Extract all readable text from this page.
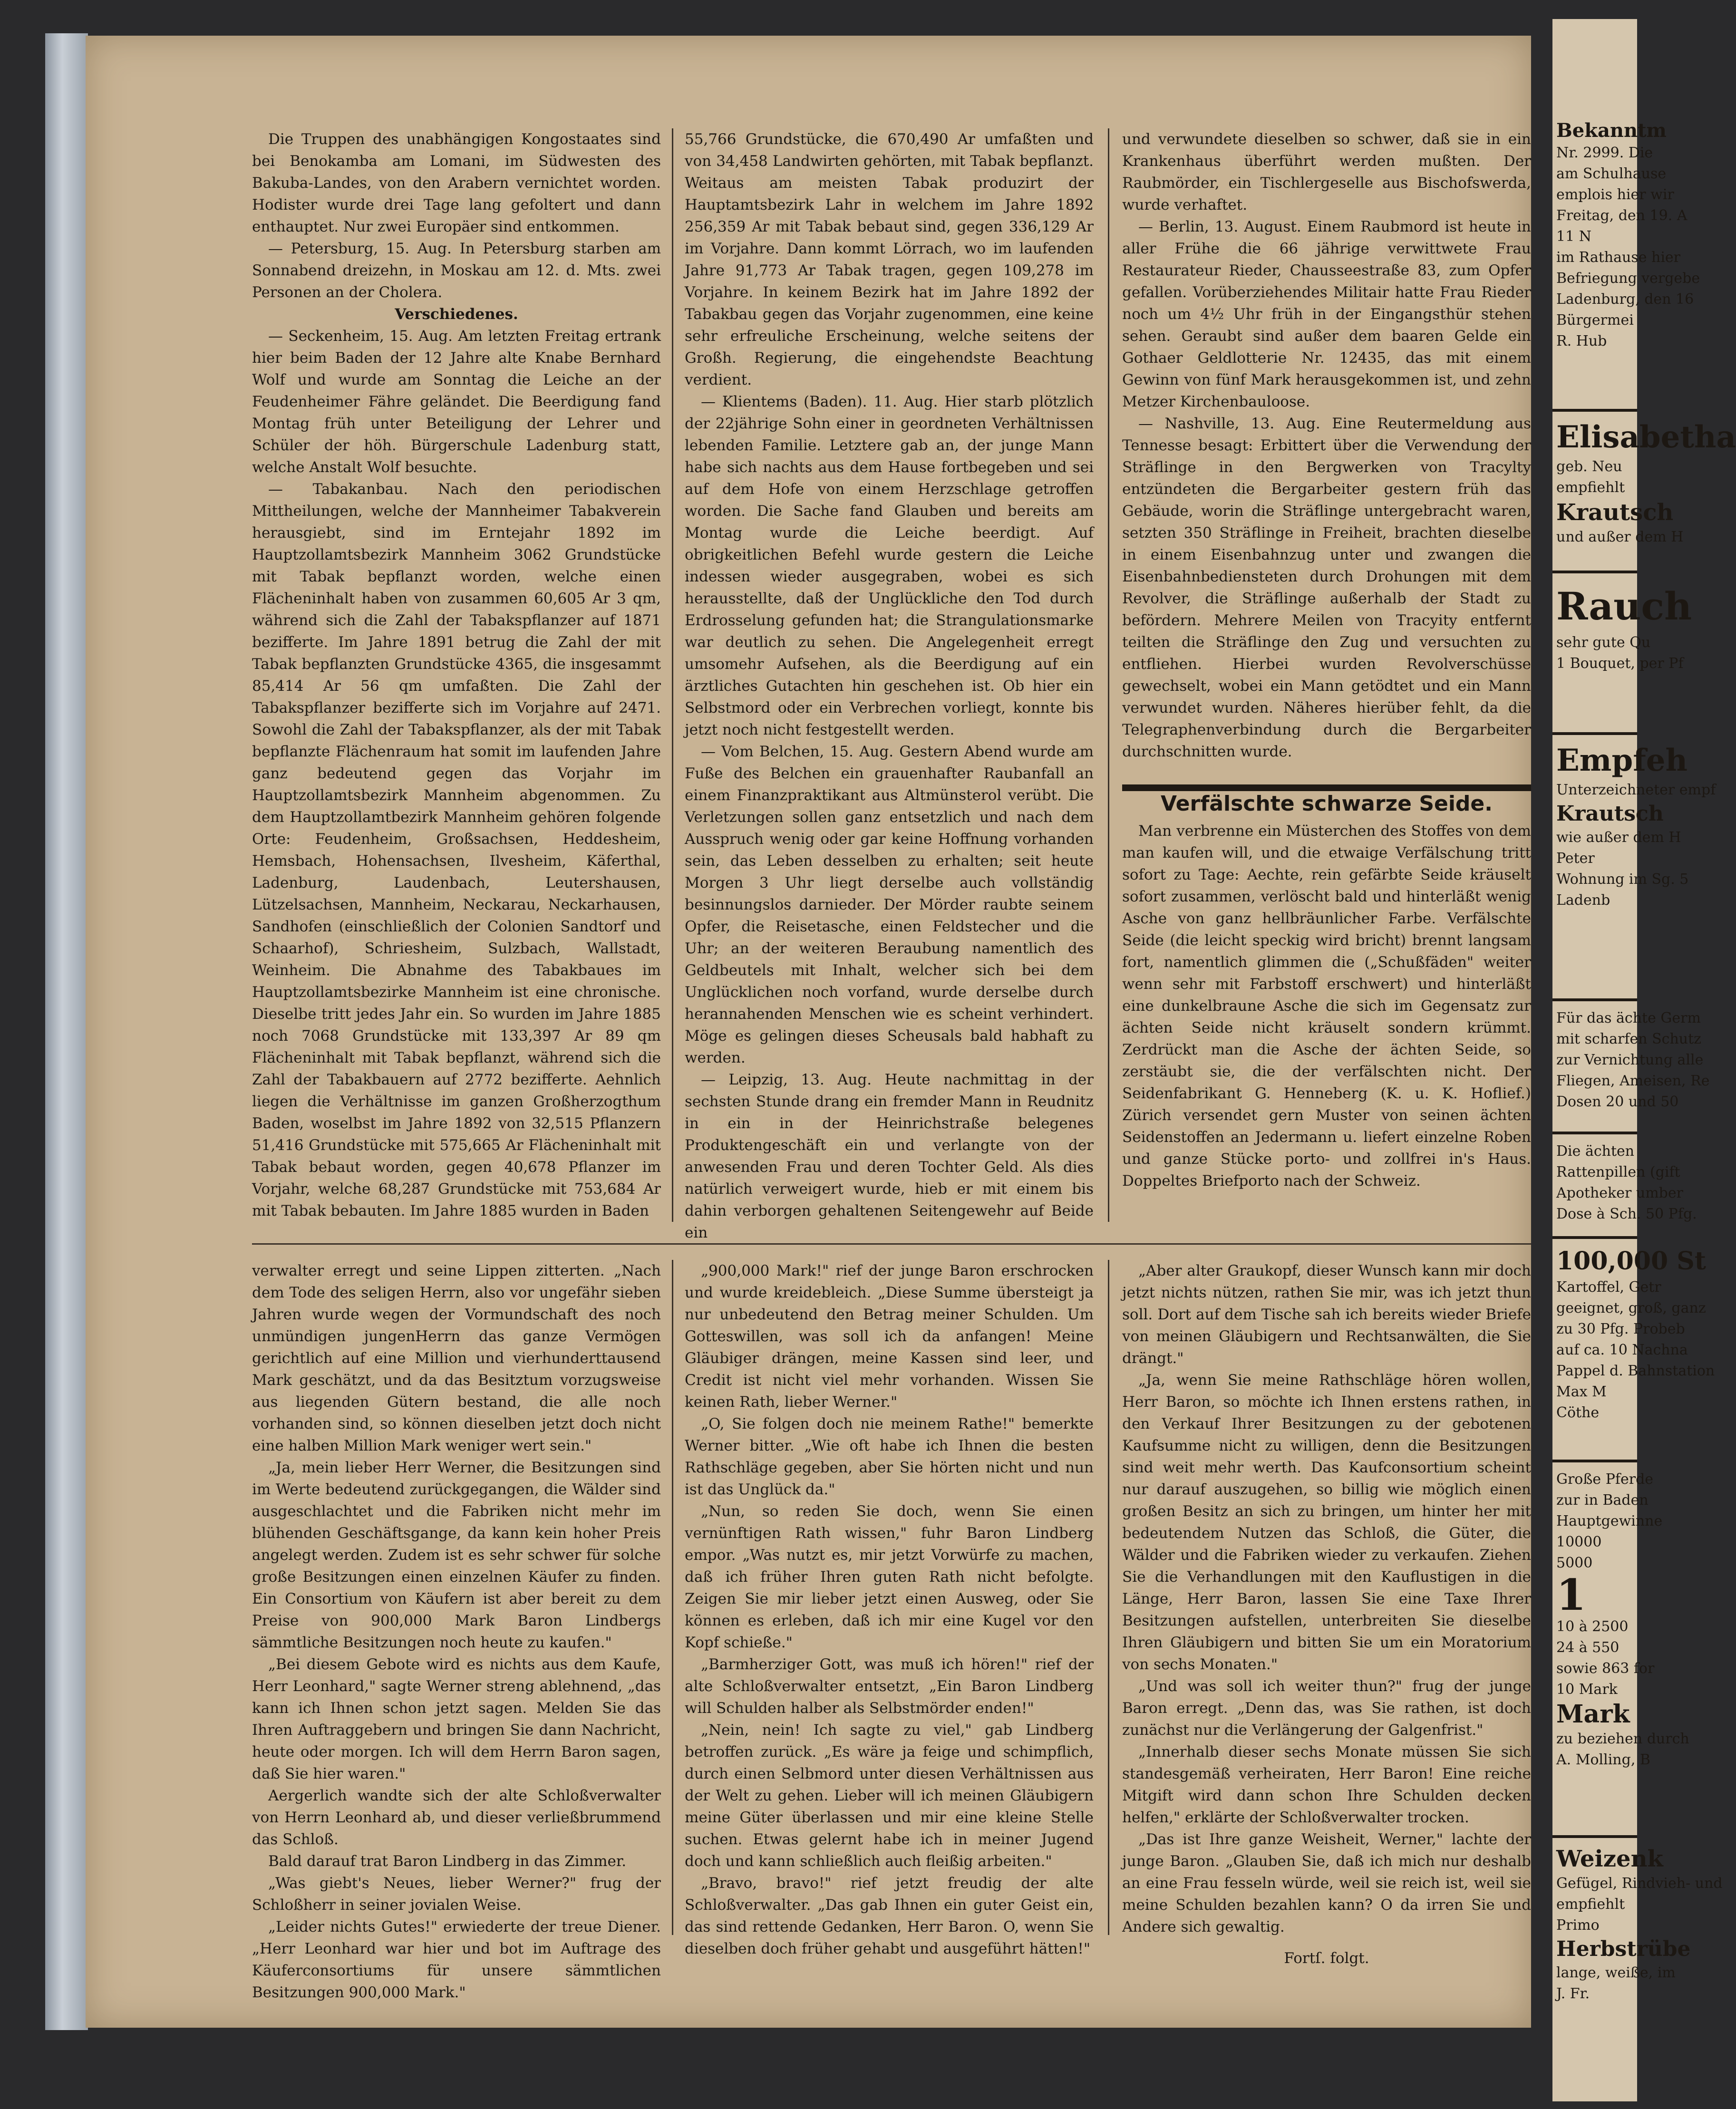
Die Truppen des unabhängigen Kongostaates sind bei Benokamba am Lomani, im Südwesten des Bakuba-Landes, von den Arabern vernichtet worden. Hodister wurde drei Tage lang gefoltert und dann enthauptet. Nur zwei Europäer sind entkommen.

— Petersburg, 15. Aug. In Petersburg starben am Sonnabend dreizehn, in Moskau am 12. d. Mts. zwei Personen an der Cholera.

Verschiedenes.

— Seckenheim, 15. Aug. Am letzten Freitag ertrank hier beim Baden der 12 Jahre alte Knabe Bernhard Wolf und wurde am Sonntag die Leiche an der Feudenheimer Fähre geländet. Die Beerdigung fand Montag früh unter Beteiligung der Lehrer und Schüler der höh. Bürgerschule Ladenburg statt, welche Anstalt Wolf besuchte.

— Tabakanbau. Nach den periodischen Mittheilungen, welche der Mannheimer Tabakverein herausgiebt, sind im Erntejahr 1892 im Hauptzollamtsbezirk Mannheim 3062 Grundstücke mit Tabak bepflanzt worden, welche einen Flächeninhalt haben von zusammen 60,605 Ar 3 qm, während sich die Zahl der Tabakspflanzer auf 1871 bezifferte. Im Jahre 1891 betrug die Zahl der mit Tabak bepflanzten Grundstücke 4365, die insgesammt 85,414 Ar 56 qm umfaßten. Die Zahl der Tabakspflanzer bezifferte sich im Vorjahre auf 2471. Sowohl die Zahl der Tabakspflanzer, als der mit Tabak bepflanzte Flächenraum hat somit im laufenden Jahre ganz bedeutend gegen das Vorjahr im Hauptzollamtsbezirk Mannheim abgenommen. Zu dem Hauptzollamtbezirk Mannheim gehören folgende Orte: Feudenheim, Großsachsen, Heddesheim, Hemsbach, Hohensachsen, Ilvesheim, Käferthal, Ladenburg, Laudenbach, Leutershausen, Lützelsachsen, Mannheim, Neckarau, Neckarhausen, Sandhofen (einschließlich der Colonien Sandtorf und Schaarhof), Schriesheim, Sulzbach, Wallstadt, Weinheim. Die Abnahme des Tabakbaues im Hauptzollamtsbezirke Mannheim ist eine chronische. Dieselbe tritt jedes Jahr ein. So wurden im Jahre 1885 noch 7068 Grundstücke mit 133,397 Ar 89 qm Flächeninhalt mit Tabak bepflanzt, während sich die Zahl der Tabakbauern auf 2772 bezifferte. Aehnlich liegen die Verhältnisse im ganzen Großherzogthum Baden, woselbst im Jahre 1892 von 32,515 Pflanzern 51,416 Grundstücke mit 575,665 Ar Flächeninhalt mit Tabak bebaut worden, gegen 40,678 Pflanzer im Vorjahr, welche 68,287 Grundstücke mit 753,684 Ar mit Tabak bebauten. Im Jahre 1885 wurden in Baden

55,766 Grundstücke, die 670,490 Ar umfaßten und von 34,458 Landwirten gehörten, mit Tabak bepflanzt. Weitaus am meisten Tabak produzirt der Hauptamtsbezirk Lahr in welchem im Jahre 1892 256,359 Ar mit Tabak bebaut sind, gegen 336,129 Ar im Vorjahre. Dann kommt Lörrach, wo im laufenden Jahre 91,773 Ar Tabak tragen, gegen 109,278 im Vorjahre. In keinem Bezirk hat im Jahre 1892 der Tabakbau gegen das Vorjahr zugenommen, eine keine sehr erfreuliche Erscheinung, welche seitens der Großh. Regierung, die eingehendste Beachtung verdient.

— Klientems (Baden). 11. Aug. Hier starb plötzlich der 22jährige Sohn einer in geordneten Verhältnissen lebenden Familie. Letztere gab an, der junge Mann habe sich nachts aus dem Hause fortbegeben und sei auf dem Hofe von einem Herzschlage getroffen worden. Die Sache fand Glauben und bereits am Montag wurde die Leiche beerdigt. Auf obrigkeitlichen Befehl wurde gestern die Leiche indessen wieder ausgegraben, wobei es sich herausstellte, daß der Unglückliche den Tod durch Erdrosselung gefunden hat; die Strangulationsmarke war deutlich zu sehen. Die Angelegenheit erregt umsomehr Aufsehen, als die Beerdigung auf ein ärztliches Gutachten hin geschehen ist. Ob hier ein Selbstmord oder ein Verbrechen vorliegt, konnte bis jetzt noch nicht festgestellt werden.

— Vom Belchen, 15. Aug. Gestern Abend wurde am Fuße des Belchen ein grauenhafter Raubanfall an einem Finanzpraktikant aus Altmünsterol verübt. Die Verletzungen sollen ganz entsetzlich und nach dem Ausspruch wenig oder gar keine Hoffnung vorhanden sein, das Leben desselben zu erhalten; seit heute Morgen 3 Uhr liegt derselbe auch vollständig besinnungslos darnieder. Der Mörder raubte seinem Opfer, die Reisetasche, einen Feldstecher und die Uhr; an der weiteren Beraubung namentlich des Geldbeutels mit Inhalt, welcher sich bei dem Unglücklichen noch vorfand, wurde derselbe durch herannahenden Menschen wie es scheint verhindert. Möge es gelingen dieses Scheusals bald habhaft zu werden.

— Leipzig, 13. Aug. Heute nachmittag in der sechsten Stunde drang ein fremder Mann in Reudnitz in ein in der Heinrichstraße belegenes Produktengeschäft ein und verlangte von der anwesenden Frau und deren Tochter Geld. Als dies natürlich verweigert wurde, hieb er mit einem bis dahin verborgen gehaltenen Seitengewehr auf Beide ein

und verwundete dieselben so schwer, daß sie in ein Krankenhaus überführt werden mußten. Der Raubmörder, ein Tischlergeselle aus Bischofswerda, wurde verhaftet.

— Berlin, 13. August. Einem Raubmord ist heute in aller Frühe die 66 jährige verwittwete Frau Restaurateur Rieder, Chausseestraße 83, zum Opfer gefallen. Vorüberziehendes Militair hatte Frau Rieder noch um 4½ Uhr früh in der Eingangsthür stehen sehen. Geraubt sind außer dem baaren Gelde ein Gothaer Geldlotterie Nr. 12435, das mit einem Gewinn von fünf Mark herausgekommen ist, und zehn Metzer Kirchenbauloose.

— Nashville, 13. Aug. Eine Reutermeldung aus Tennesse besagt: Erbittert über die Verwendung der Sträflinge in den Bergwerken von Tracylty entzündeten die Bergarbeiter gestern früh das Gebäude, worin die Sträflinge untergebracht waren, setzten 350 Sträflinge in Freiheit, brachten dieselbe in einem Eisenbahnzug unter und zwangen die Eisenbahnbediensteten durch Drohungen mit dem Revolver, die Sträflinge außerhalb der Stadt zu befördern. Mehrere Meilen von Tracyity entfernt teilten die Sträflinge den Zug und versuchten zu entfliehen. Hierbei wurden Revolverschüsse gewechselt, wobei ein Mann getödtet und ein Mann verwundet wurden. Näheres hierüber fehlt, da die Telegraphenverbindung durch die Bergarbeiter durchschnitten wurde.

Verfälschte schwarze Seide.

Man verbrenne ein Müsterchen des Stoffes von dem man kaufen will, und die etwaige Verfälschung tritt sofort zu Tage: Aechte, rein gefärbte Seide kräuselt sofort zusammen, verlöscht bald und hinterläßt wenig Asche von ganz hellbräunlicher Farbe. Verfälschte Seide (die leicht speckig wird bricht) brennt langsam fort, namentlich glimmen die („Schußfäden" weiter wenn sehr mit Farbstoff erschwert) und hinterläßt eine dunkelbraune Asche die sich im Gegensatz zur ächten Seide nicht kräuselt sondern krümmt. Zerdrückt man die Asche der ächten Seide, so zerstäubt sie, die der verfälschten nicht. Der Seidenfabrikant G. Henneberg (K. u. K. Hoflief.) Zürich versendet gern Muster von seinen ächten Seidenstoffen an Jedermann u. liefert einzelne Roben und ganze Stücke porto- und zollfrei in's Haus. Doppeltes Briefporto nach der Schweiz.

verwalter erregt und seine Lippen zitterten. „Nach dem Tode des seligen Herrn, also vor ungefähr sieben Jahren wurde wegen der Vormundschaft des noch unmündigen jungenHerrn das ganze Vermögen gerichtlich auf eine Million und vierhunderttausend Mark geschätzt, und da das Besitztum vorzugsweise aus liegenden Gütern bestand, die alle noch vorhanden sind, so können dieselben jetzt doch nicht eine halben Million Mark weniger wert sein."

„Ja, mein lieber Herr Werner, die Besitzungen sind im Werte bedeutend zurückgegangen, die Wälder sind ausgeschlachtet und die Fabriken nicht mehr im blühenden Geschäftsgange, da kann kein hoher Preis angelegt werden. Zudem ist es sehr schwer für solche große Besitzungen einen einzelnen Käufer zu finden. Ein Consortium von Käufern ist aber bereit zu dem Preise von 900,000 Mark Baron Lindbergs sämmtliche Besitzungen noch heute zu kaufen."

„Bei diesem Gebote wird es nichts aus dem Kaufe, Herr Leonhard," sagte Werner streng ablehnend, „das kann ich Ihnen schon jetzt sagen. Melden Sie das Ihren Auftraggebern und bringen Sie dann Nachricht, heute oder morgen. Ich will dem Herrn Baron sagen, daß Sie hier waren."

Aergerlich wandte sich der alte Schloßverwalter von Herrn Leonhard ab, und dieser verließbrummend das Schloß.

Bald darauf trat Baron Lindberg in das Zimmer.

„Was giebt's Neues, lieber Werner?" frug der Schloßherr in seiner jovialen Weise.

„Leider nichts Gutes!" erwiederte der treue Diener. „Herr Leonhard war hier und bot im Auftrage des Käuferconsortiums für unsere sämmtlichen Besitzungen 900,000 Mark."

„900,000 Mark!" rief der junge Baron erschrocken und wurde kreidebleich. „Diese Summe übersteigt ja nur unbedeutend den Betrag meiner Schulden. Um Gotteswillen, was soll ich da anfangen! Meine Gläubiger drängen, meine Kassen sind leer, und Credit ist nicht viel mehr vorhanden. Wissen Sie keinen Rath, lieber Werner."

„O, Sie folgen doch nie meinem Rathe!" bemerkte Werner bitter. „Wie oft habe ich Ihnen die besten Rathschläge gegeben, aber Sie hörten nicht und nun ist das Unglück da."

„Nun, so reden Sie doch, wenn Sie einen vernünftigen Rath wissen," fuhr Baron Lindberg empor. „Was nutzt es, mir jetzt Vorwürfe zu machen, daß ich früher Ihren guten Rath nicht befolgte. Zeigen Sie mir lieber jetzt einen Ausweg, oder Sie können es erleben, daß ich mir eine Kugel vor den Kopf schieße."

„Barmherziger Gott, was muß ich hören!" rief der alte Schloßverwalter entsetzt, „Ein Baron Lindberg will Schulden halber als Selbstmörder enden!"

„Nein, nein! Ich sagte zu viel," gab Lindberg betroffen zurück. „Es wäre ja feige und schimpflich, durch einen Selbmord unter diesen Verhältnissen aus der Welt zu gehen. Lieber will ich meinen Gläubigern meine Güter überlassen und mir eine kleine Stelle suchen. Etwas gelernt habe ich in meiner Jugend doch und kann schließlich auch fleißig arbeiten."

„Bravo, bravo!" rief jetzt freudig der alte Schloßverwalter. „Das gab Ihnen ein guter Geist ein, das sind rettende Gedanken, Herr Baron. O, wenn Sie dieselben doch früher gehabt und ausgeführt hätten!"

„Aber alter Graukopf, dieser Wunsch kann mir doch jetzt nichts nützen, rathen Sie mir, was ich jetzt thun soll. Dort auf dem Tische sah ich bereits wieder Briefe von meinen Gläubigern und Rechtsanwälten, die Sie drängt."

„Ja, wenn Sie meine Rathschläge hören wollen, Herr Baron, so möchte ich Ihnen erstens rathen, in den Verkauf Ihrer Besitzungen zu der gebotenen Kaufsumme nicht zu willigen, denn die Besitzungen sind weit mehr werth. Das Kaufconsortium scheint nur darauf auszugehen, so billig wie möglich einen großen Besitz an sich zu bringen, um hinter her mit bedeutendem Nutzen das Schloß, die Güter, die Wälder und die Fabriken wieder zu verkaufen. Ziehen Sie die Verhandlungen mit den Kauflustigen in die Länge, Herr Baron, lassen Sie eine Taxe Ihrer Besitzungen aufstellen, unterbreiten Sie dieselbe Ihren Gläubigern und bitten Sie um ein Moratorium von sechs Monaten."

„Und was soll ich weiter thun?" frug der junge Baron erregt. „Denn das, was Sie rathen, ist doch zunächst nur die Verlängerung der Galgenfrist."

„Innerhalb dieser sechs Monate müssen Sie sich standesgemäß verheiraten, Herr Baron! Eine reiche Mitgift wird dann schon Ihre Schulden decken helfen," erklärte der Schloßverwalter trocken.

„Das ist Ihre ganze Weisheit, Werner," lachte der junge Baron. „Glauben Sie, daß ich mich nur deshalb an eine Frau fesseln würde, weil sie reich ist, weil sie meine Schulden bezahlen kann? O da irren Sie und Andere sich gewaltig.

Fortſ. folgt.

Bekanntm
Nr. 2999. Die
am Schulhause
emplois hier wir
Freitag, den 19. A
11 N
im Rathause hier
Befriegung vergebe
Ladenburg, den 16
Bürgermei
R. Hub
Elisabetha
geb. Neu
empfiehlt
Krautsch
und außer dem H
Rauch
sehr gute Qu
1 Bouquet, per Pf
Empfeh
Unterzeichneter empf
Krautsch
wie außer dem H
Peter
Wohnung im Sg. 5
Ladenb
Für das ächte Germ
mit scharfen Schutz
zur Vernichtung alle
Fliegen, Ameisen, Re
Dosen 20 und 50
Die ächten
Rattenpillen (gift
Apotheker umber
Dose à Sch. 50 Pfg.
100,000 St
Kartoffel, Getr
geeignet, groß, ganz
zu 30 Pfg. Probeb
auf ca. 10 Nachna
Pappel d. Bahnstation
Max M
Cöthe
Große Pferde
zur in Baden
Hauptgewinne
10000
5000
1
10 à 2500
24 à 550
sowie 863 for
10 Mark
Mark
zu beziehen durch
A. Molling, B
Weizenk
Gefügel, Rindvieh- und
empfiehlt
Primo
Herbstrübe
lange, weiße, im
J. Fr.
